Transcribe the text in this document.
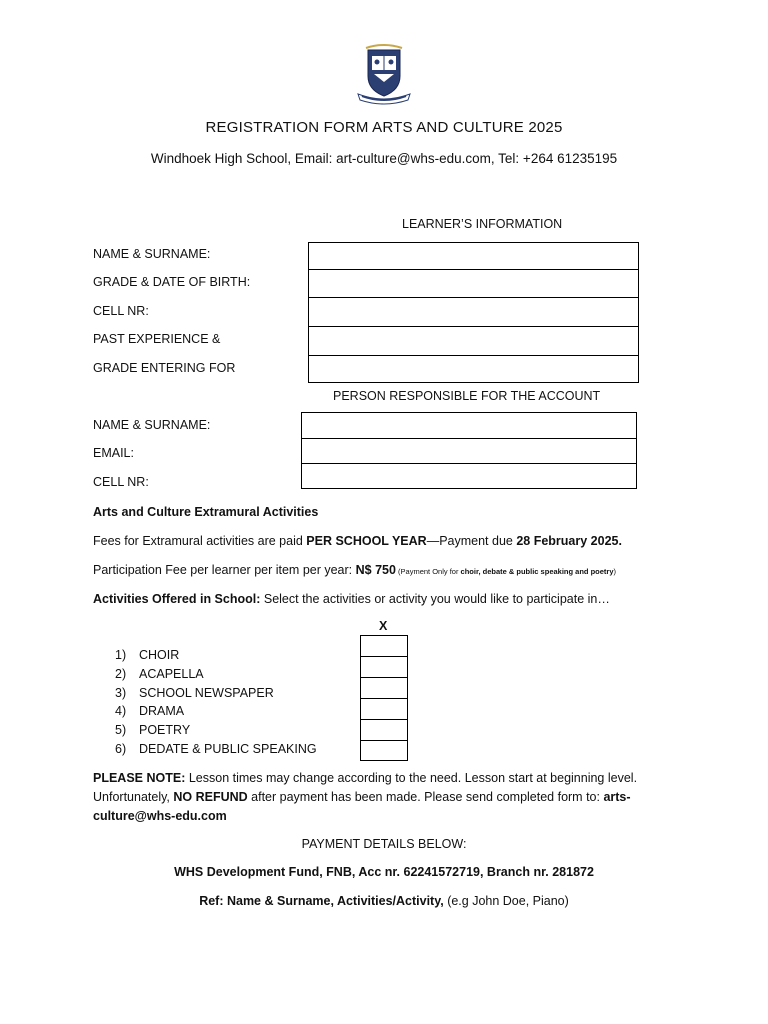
REGISTRATION FORM ARTS AND CULTURE 2025
Windhoek High School, Email: art-culture@whs-edu.com, Tel: +264 61235195
LEARNER’S INFORMATION
NAME & SURNAME:
GRADE & DATE OF BIRTH:
CELL NR:
PAST EXPERIENCE &
GRADE ENTERING FOR
PERSON RESPONSIBLE FOR THE ACCOUNT
NAME & SURNAME:
EMAIL:
CELL NR:
Arts and Culture Extramural Activities
Fees for Extramural activities are paid PER SCHOOL YEAR—Payment due 28 February 2025.
Participation Fee per learner per item per year: N$ 750 (Payment Only for choir, debate & public speaking and poetry)
Activities Offered in School: Select the activities or activity you would like to participate in…
X
1)	CHOIR
2)	ACAPELLA
3)	SCHOOL NEWSPAPER
4)	DRAMA
5)	POETRY
6)	DEDATE & PUBLIC SPEAKING
PLEASE NOTE: Lesson times may change according to the need. Lesson start at beginning level. Unfortunately, NO REFUND after payment has been made. Please send completed form to: arts-culture@whs-edu.com
PAYMENT DETAILS BELOW:
WHS Development Fund, FNB, Acc nr. 62241572719, Branch nr. 281872
Ref: Name & Surname, Activities/Activity, (e.g John Doe, Piano)
